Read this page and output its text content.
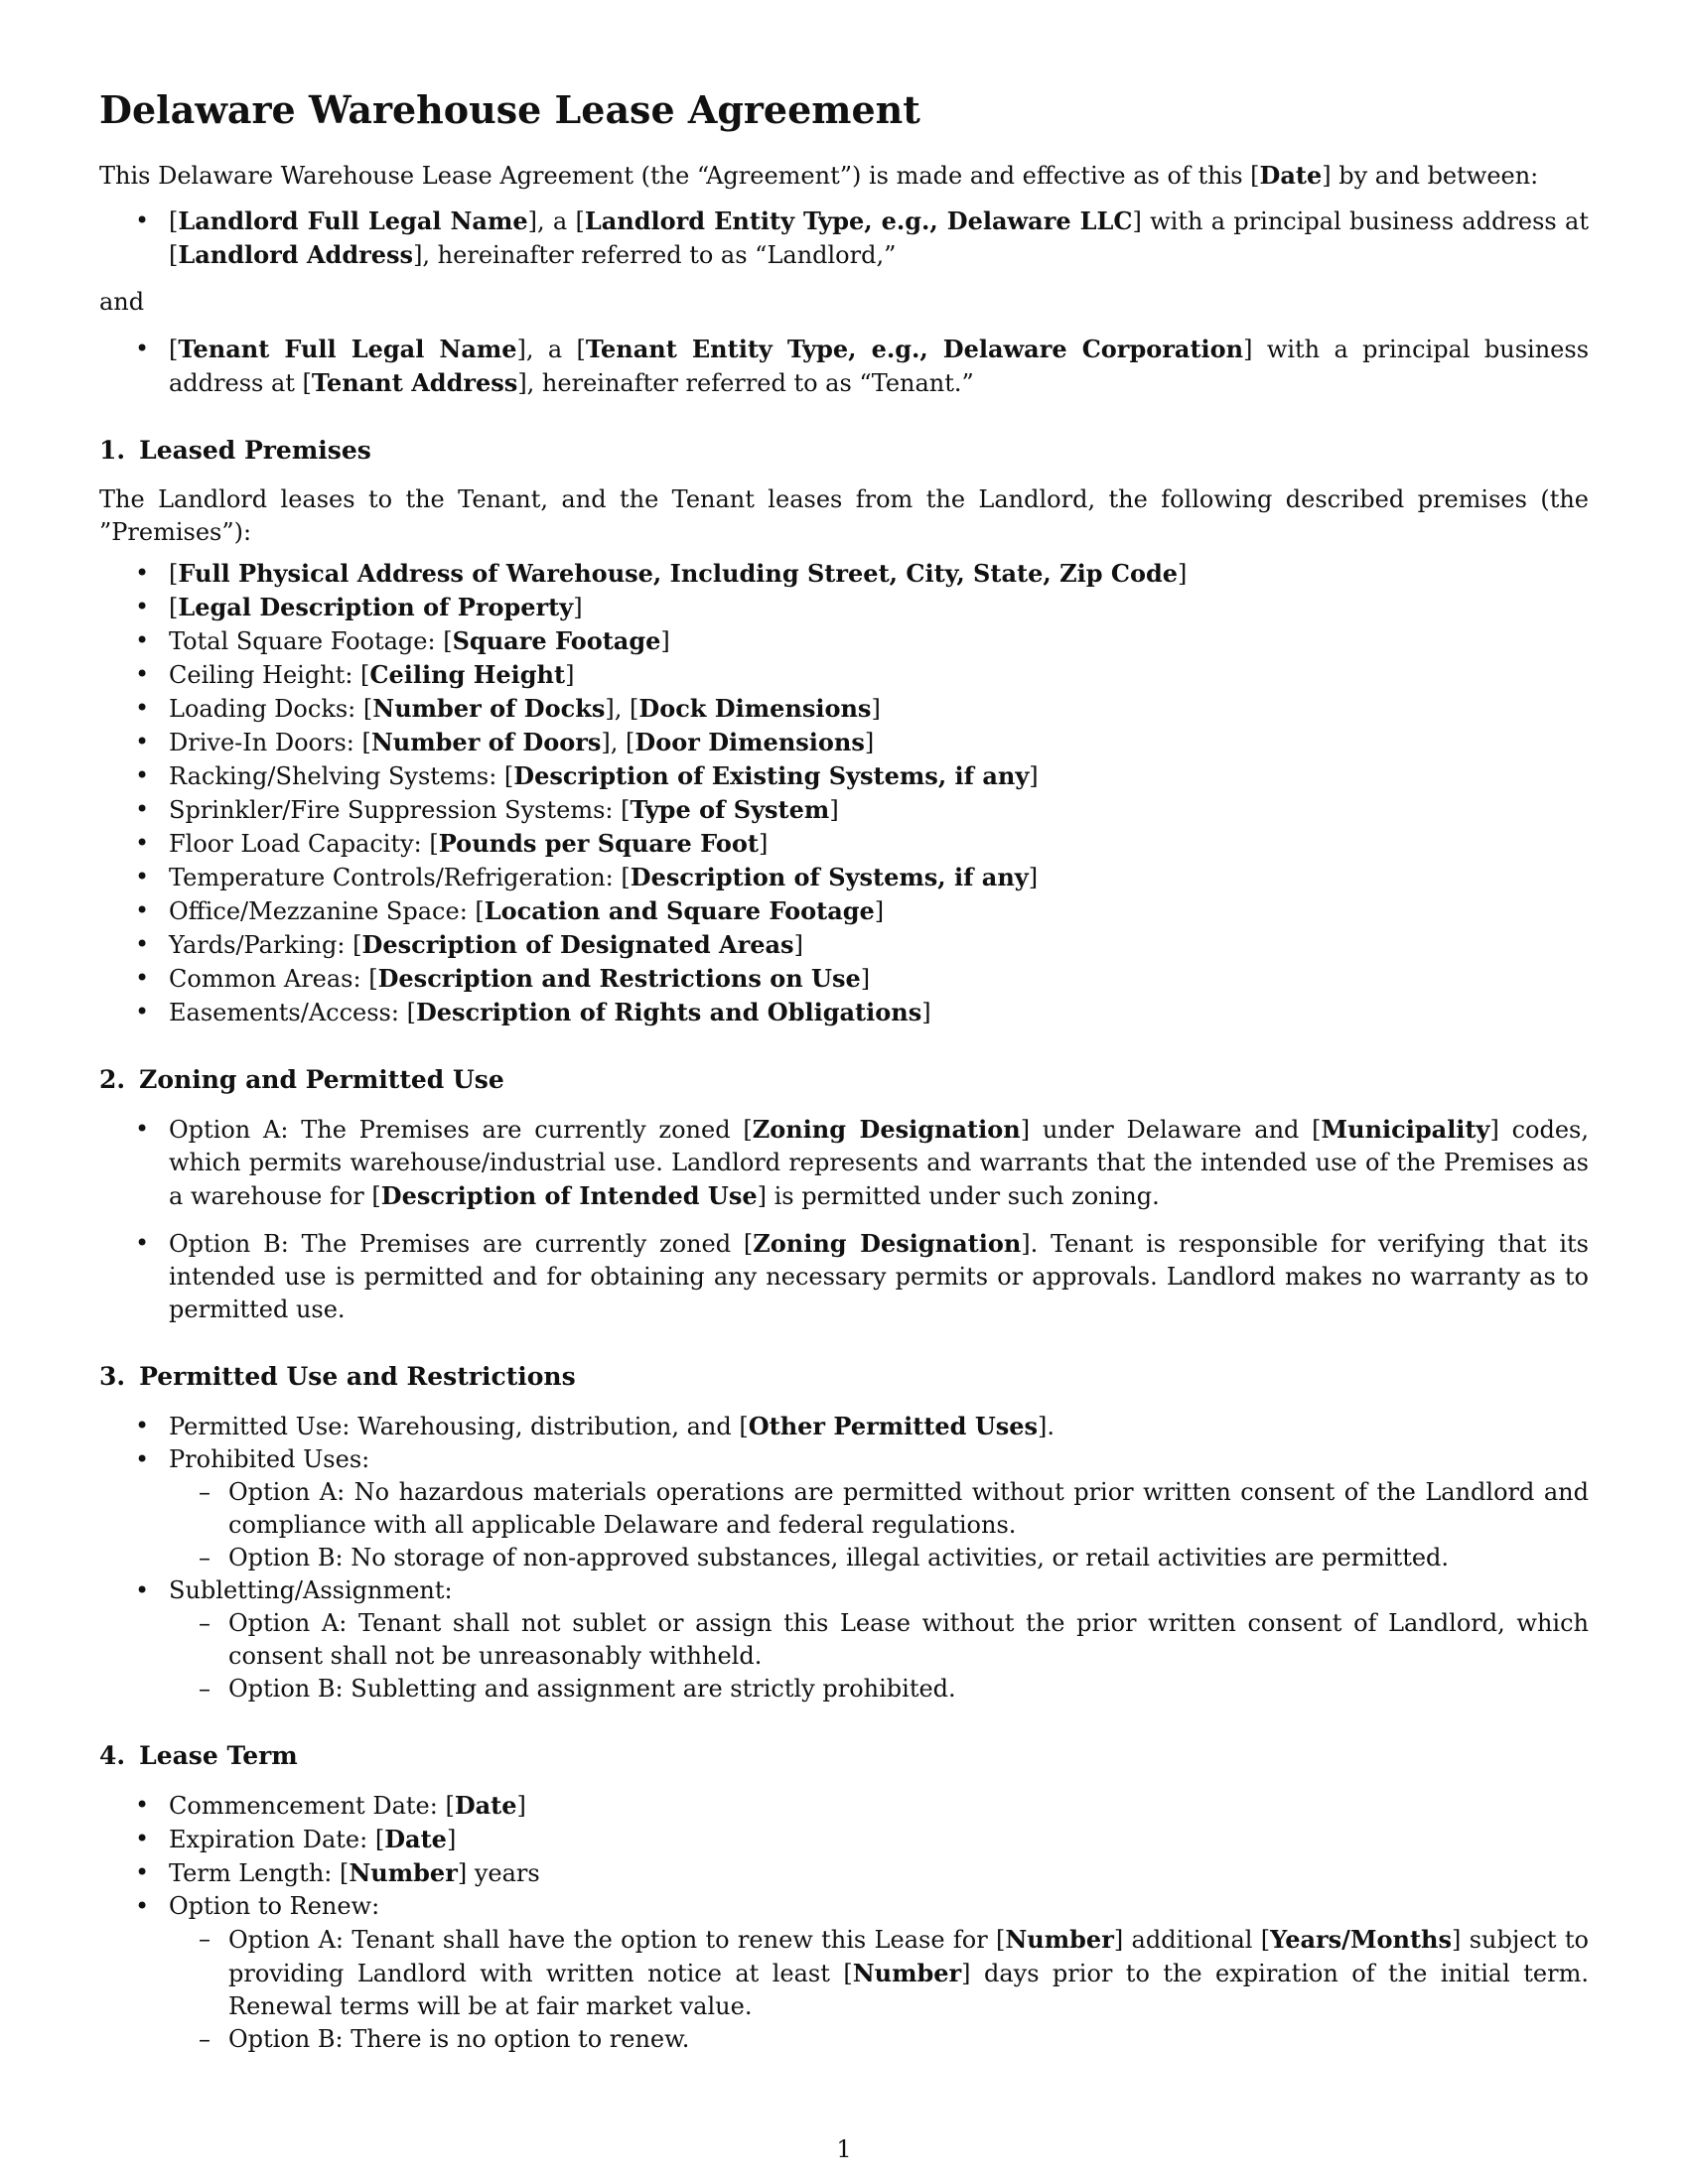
Delaware Warehouse Lease Agreement

This Delaware Warehouse Lease Agreement (the “Agreement”) is made and effective as of this [Date] by and between:

• [Landlord Full Legal Name], a [Landlord Entity Type, e.g., Delaware LLC] with a principal business address at [Landlord Address], hereinafter referred to as “Landlord,”

and

• [Tenant Full Legal Name], a [Tenant Entity Type, e.g., Delaware Corporation] with a principal business address at [Tenant Address], hereinafter referred to as “Tenant.”
1. Leased Premises

The Landlord leases to the Tenant, and the Tenant leases from the Landlord, the following described premises (the ”Premises”):

• [Full Physical Address of Warehouse, Including Street, City, State, Zip Code]
• [Legal Description of Property]
• Total Square Footage: [Square Footage]
• Ceiling Height: [Ceiling Height]
• Loading Docks: [Number of Docks], [Dock Dimensions]
• Drive-In Doors: [Number of Doors], [Door Dimensions]
• Racking/Shelving Systems: [Description of Existing Systems, if any]
• Sprinkler/Fire Suppression Systems: [Type of System]
• Floor Load Capacity: [Pounds per Square Foot]
• Temperature Controls/Refrigeration: [Description of Systems, if any]
• Office/Mezzanine Space: [Location and Square Footage]
• Yards/Parking: [Description of Designated Areas]
• Common Areas: [Description and Restrictions on Use]
• Easements/Access: [Description of Rights and Obligations]
2. Zoning and Permitted Use
• Option A: The Premises are currently zoned [Zoning Designation] under Delaware and [Municipality] codes, which permits warehouse/industrial use. Landlord represents and warrants that the intended use of the Premises as a warehouse for [Description of Intended Use] is permitted under such zoning.
• Option B: The Premises are currently zoned [Zoning Designation]. Tenant is responsible for verifying that its intended use is permitted and for obtaining any necessary permits or approvals. Landlord makes no warranty as to permitted use.
3. Permitted Use and Restrictions
• Permitted Use: Warehousing, distribution, and [Other Permitted Uses].
• Prohibited Uses:
– Option A: No hazardous materials operations are permitted without prior written consent of the Landlord and compliance with all applicable Delaware and federal regulations.
– Option B: No storage of non-approved substances, illegal activities, or retail activities are permitted.
• Subletting/Assignment:
– Option A: Tenant shall not sublet or assign this Lease without the prior written consent of Landlord, which consent shall not be unreasonably withheld.
– Option B: Subletting and assignment are strictly prohibited.
4. Lease Term
• Commencement Date: [Date]
• Expiration Date: [Date]
• Term Length: [Number] years
• Option to Renew:
– Option A: Tenant shall have the option to renew this Lease for [Number] additional [Years/Months] subject to providing Landlord with written notice at least [Number] days prior to the expiration of the initial term. Renewal terms will be at fair market value.
– Option B: There is no option to renew.
1
